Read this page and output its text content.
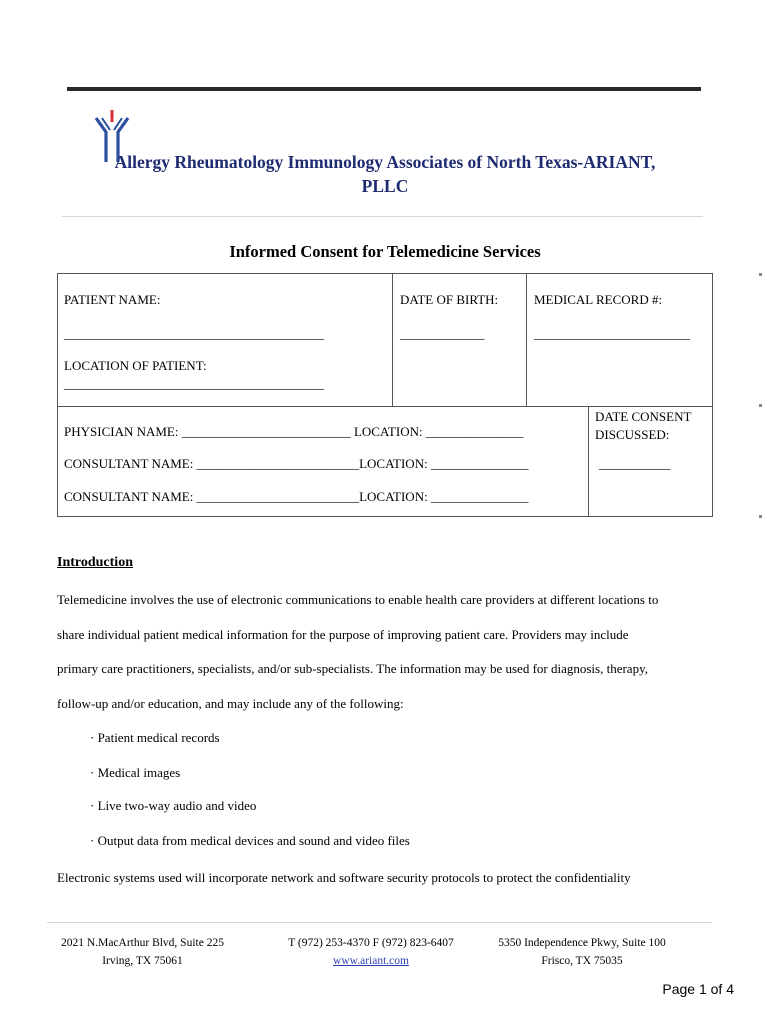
Allergy Rheumatology Immunology Associates of North Texas-ARIANT,
PLLC
Informed Consent for Telemedicine Services
PATIENT NAME:
________________________________________
DATE OF BIRTH:
_____________
MEDICAL RECORD #:
________________________
LOCATION OF PATIENT:
________________________________________
PHYSICIAN NAME: __________________________ LOCATION: _______________
CONSULTANT NAME: _________________________LOCATION: _______________
CONSULTANT NAME: _________________________LOCATION: _______________
DATE CONSENT
DISCUSSED:
___________
Introduction
Telemedicine involves the use of electronic communications to enable health care providers at different locations to
share individual patient medical information for the purpose of improving patient care. Providers may include
primary care practitioners, specialists, and/or sub-specialists. The information may be used for diagnosis, therapy,
follow-up and/or education, and may include any of the following:
· Patient medical records
· Medical images
· Live two-way audio and video
· Output data from medical devices and sound and video files
Electronic systems used will incorporate network and software security protocols to protect the confidentiality
2021 N.MacArthur Blvd, Suite 225
Irving, TX 75061
T (972) 253-4370 F (972) 823-6407
www.ariant.com
5350 Independence Pkwy, Suite 100
Frisco, TX 75035
Page 1 of 4
